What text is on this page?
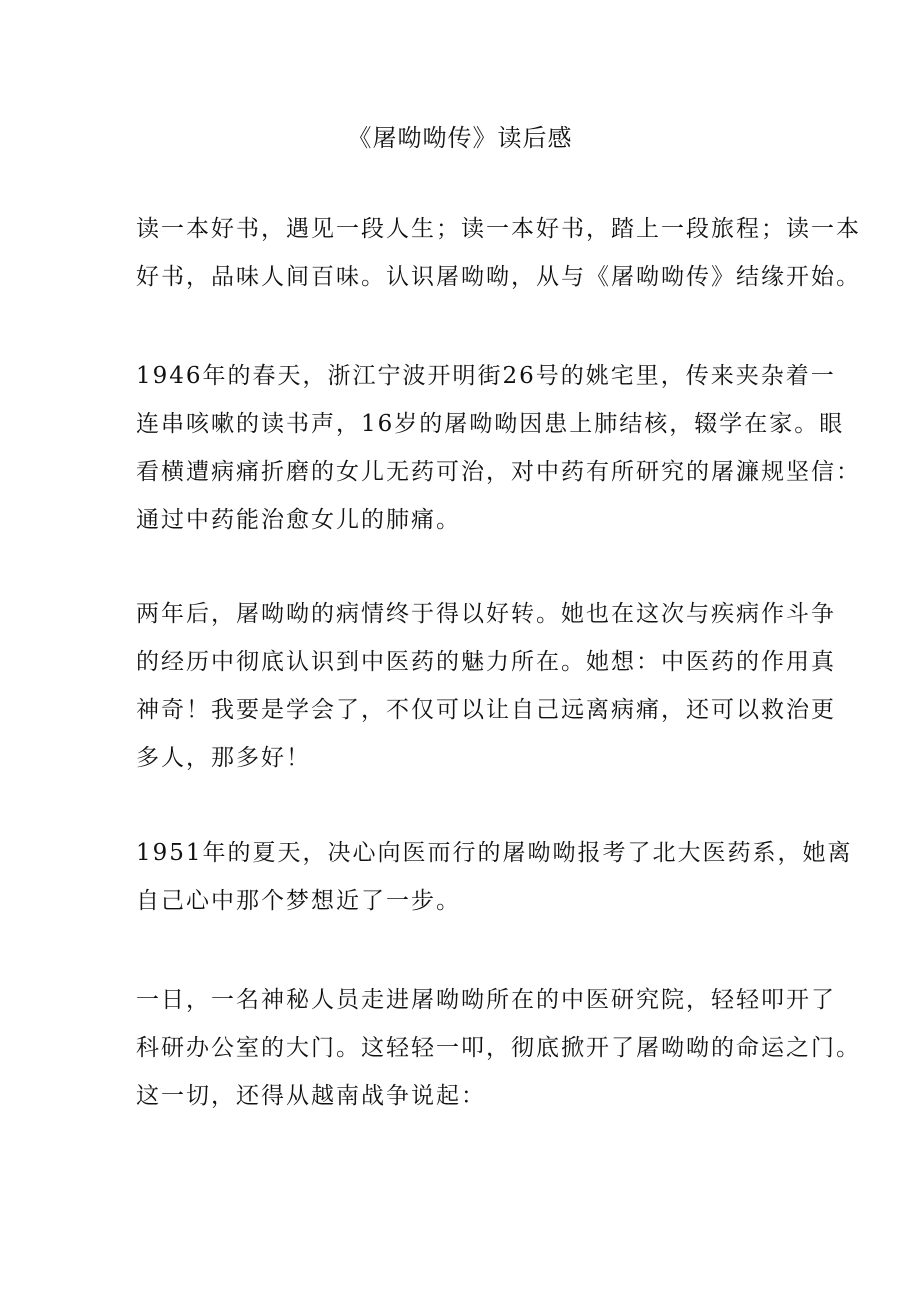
《屠呦呦传》读后感

读一本好书，遇见一段人生；读一本好书，踏上一段旅程；读一本
好书，品味人间百味。认识屠呦呦，从与《屠呦呦传》结缘开始。

1946年的春天，浙江宁波开明街26号的姚宅里，传来夹杂着一
连串咳嗽的读书声，16岁的屠呦呦因患上肺结核，辍学在家。眼
看横遭病痛折磨的女儿无药可治，对中药有所研究的屠濂规坚信：
通过中药能治愈女儿的肺痛。

两年后，屠呦呦的病情终于得以好转。她也在这次与疾病作斗争
的经历中彻底认识到中医药的魅力所在。她想：中医药的作用真
神奇！我要是学会了，不仅可以让自己远离病痛，还可以救治更
多人，那多好！

1951年的夏天，决心向医而行的屠呦呦报考了北大医药系，她离
自己心中那个梦想近了一步。

一日，一名神秘人员走进屠呦呦所在的中医研究院，轻轻叩开了
科研办公室的大门。这轻轻一叩，彻底掀开了屠呦呦的命运之门。
这一切，还得从越南战争说起：
